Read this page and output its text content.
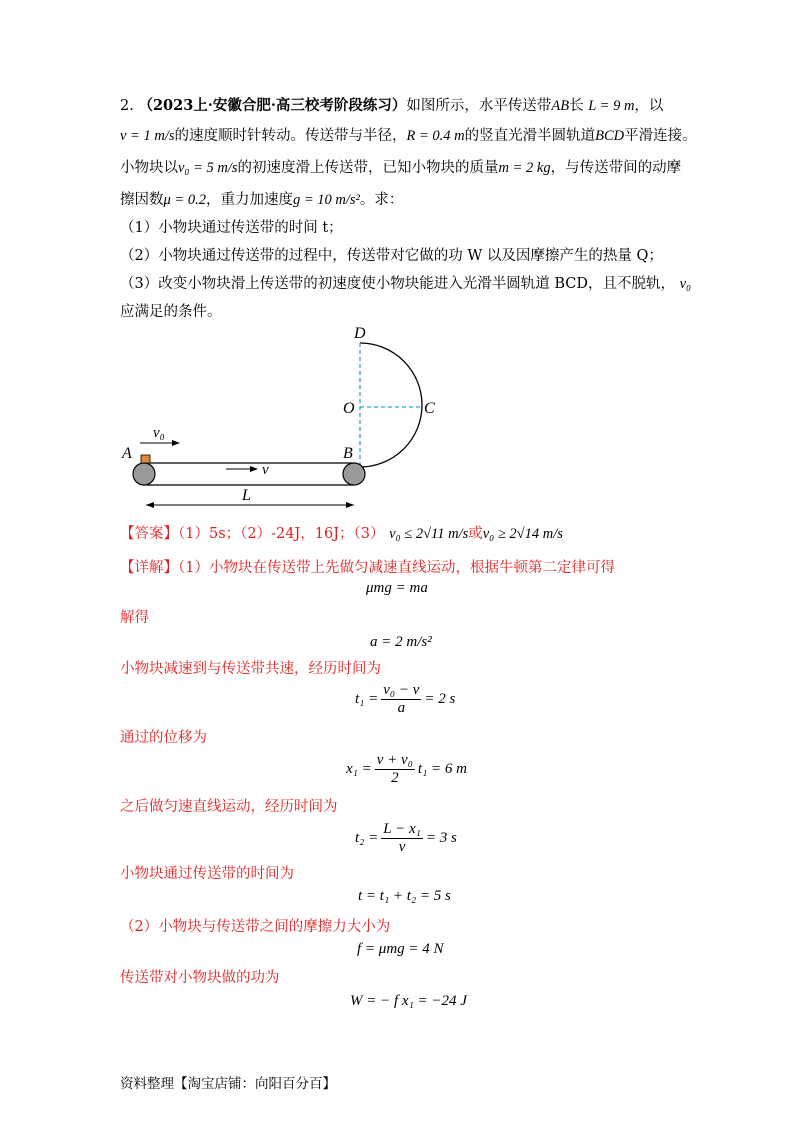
2. （2023上·安徽合肥·高三校考阶段练习）如图所示，水平传送带AB长 L = 9 m，以
v = 1 m/s的速度顺时针转动。传送带与半径，R = 0.4 m的竖直光滑半圆轨道BCD平滑连接。
小物块以v₀ = 5 m/s的初速度滑上传送带，已知小物块的质量m = 2 kg，与传送带间的动摩
擦因数μ = 0.2，重力加速度g = 10 m/s²。求：
（1）小物块通过传送带的时间 t；
（2）小物块通过传送带的过程中，传送带对它做的功 W 以及因摩擦产生的热量 Q；
（3）改变小物块滑上传送带的初速度使小物块能进入光滑半圆轨道 BCD，且不脱轨， v₀
应满足的条件。
D
O	C
A	B
v₀
v
L
【答案】（1）5s；（2）-24J，16J；（3） v₀ ≤ 2√11 m/s或v₀ ≥ 2√14 m/s
【详解】（1）小物块在传送带上先做匀减速直线运动，根据牛顿第二定律可得
μmg = ma
解得
a = 2 m/s²
小物块减速到与传送带共速，经历时间为
$t_1 = \frac{\text{v₀ − v}}{a} = 2$ s
通过的位移为
$x_1 = \frac{\text{v + v₀}}{2} t_1 = 6$ m
之后做匀速直线运动，经历时间为
$t_2 = \frac{\text{L − x₁}}{v} = 3$ s
小物块通过传送带的时间为
t = t₁ + t₂ = 5 s
（2）小物块与传送带之间的摩擦力大小为
f = μmg = 4 N
传送带对小物块做的功为
W = − f x₁ = −24 J
资料整理【淘宝店铺：向阳百分百】
